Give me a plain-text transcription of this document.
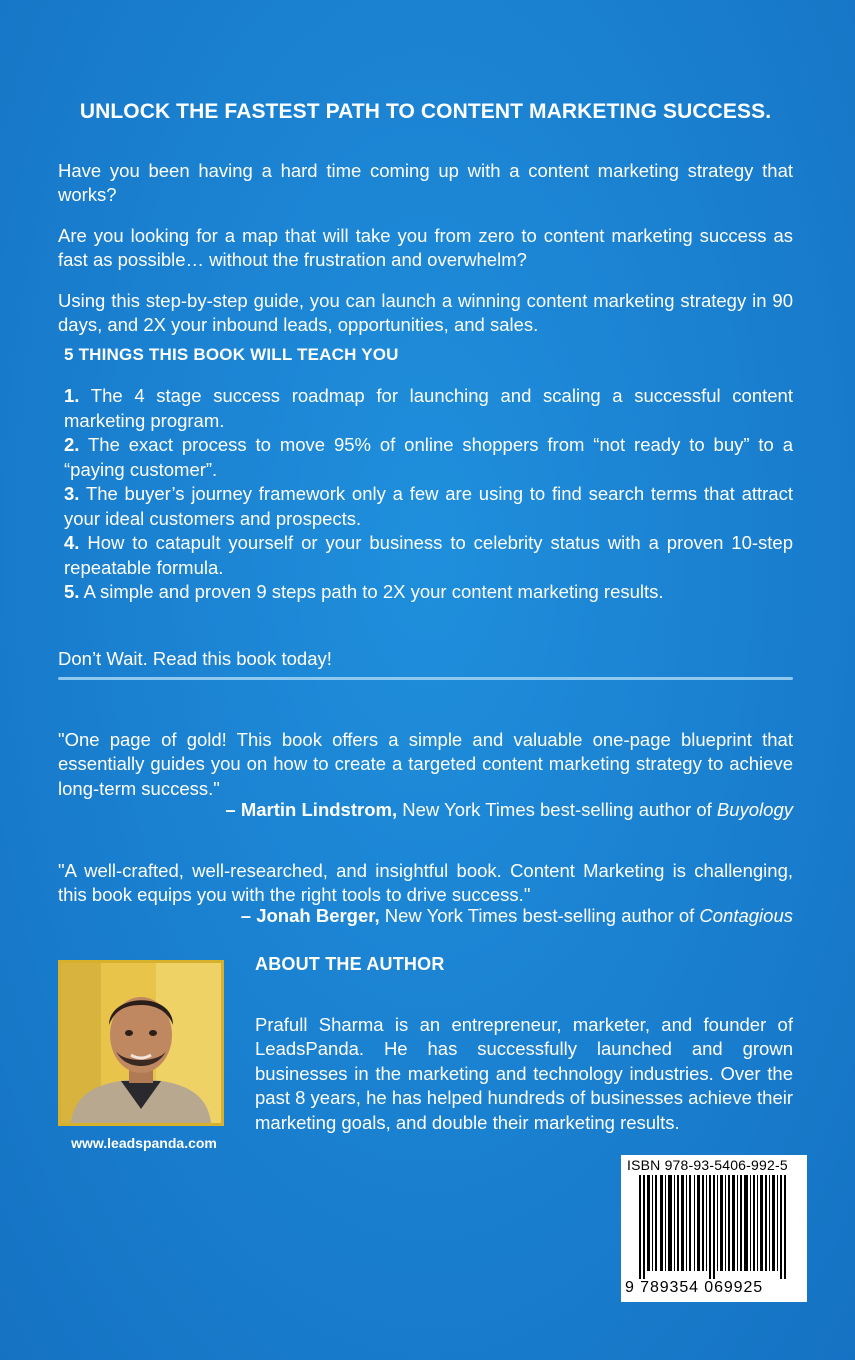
UNLOCK THE FASTEST PATH TO CONTENT MARKETING SUCCESS.

Have you been having a hard time coming up with a content marketing strategy that works?

Are you looking for a map that will take you from zero to content marketing success as fast as possible… without the frustration and overwhelm?

Using this step-by-step guide, you can launch a winning content marketing strategy in 90 days, and 2X your inbound leads, opportunities, and sales.

5 THINGS THIS BOOK WILL TEACH YOU
1. The 4 stage success roadmap for launching and scaling a successful content marketing program.
2. The exact process to move 95% of online shoppers from “not ready to buy” to a “paying customer”.
3. The buyer’s journey framework only a few are using to find search terms that attract your ideal customers and prospects.
4. How to catapult yourself or your business to celebrity status with a proven 10-step repeatable formula.
5. A simple and proven 9 steps path to 2X your content marketing results.

Don’t Wait. Read this book today!

"One page of gold! This book offers a simple and valuable one-page blueprint that essentially guides you on how to create a targeted content marketing strategy to achieve long-term success."

– Martin Lindstrom, New York Times best-selling author of Buyology

"A well-crafted, well-researched, and insightful book. Content Marketing is challenging, this book equips you with the right tools to drive success."

– Jonah Berger, New York Times best-selling author of Contagious
www.leadspanda.com
ABOUT THE AUTHOR

Prafull Sharma is an entrepreneur, marketer, and founder of LeadsPanda. He has successfully launched and grown businesses in the marketing and technology industries. Over the past 8 years, he has helped hundreds of businesses achieve their marketing goals, and double their marketing results.

ISBN 978-93-5406-992-5
9 789354 069925
